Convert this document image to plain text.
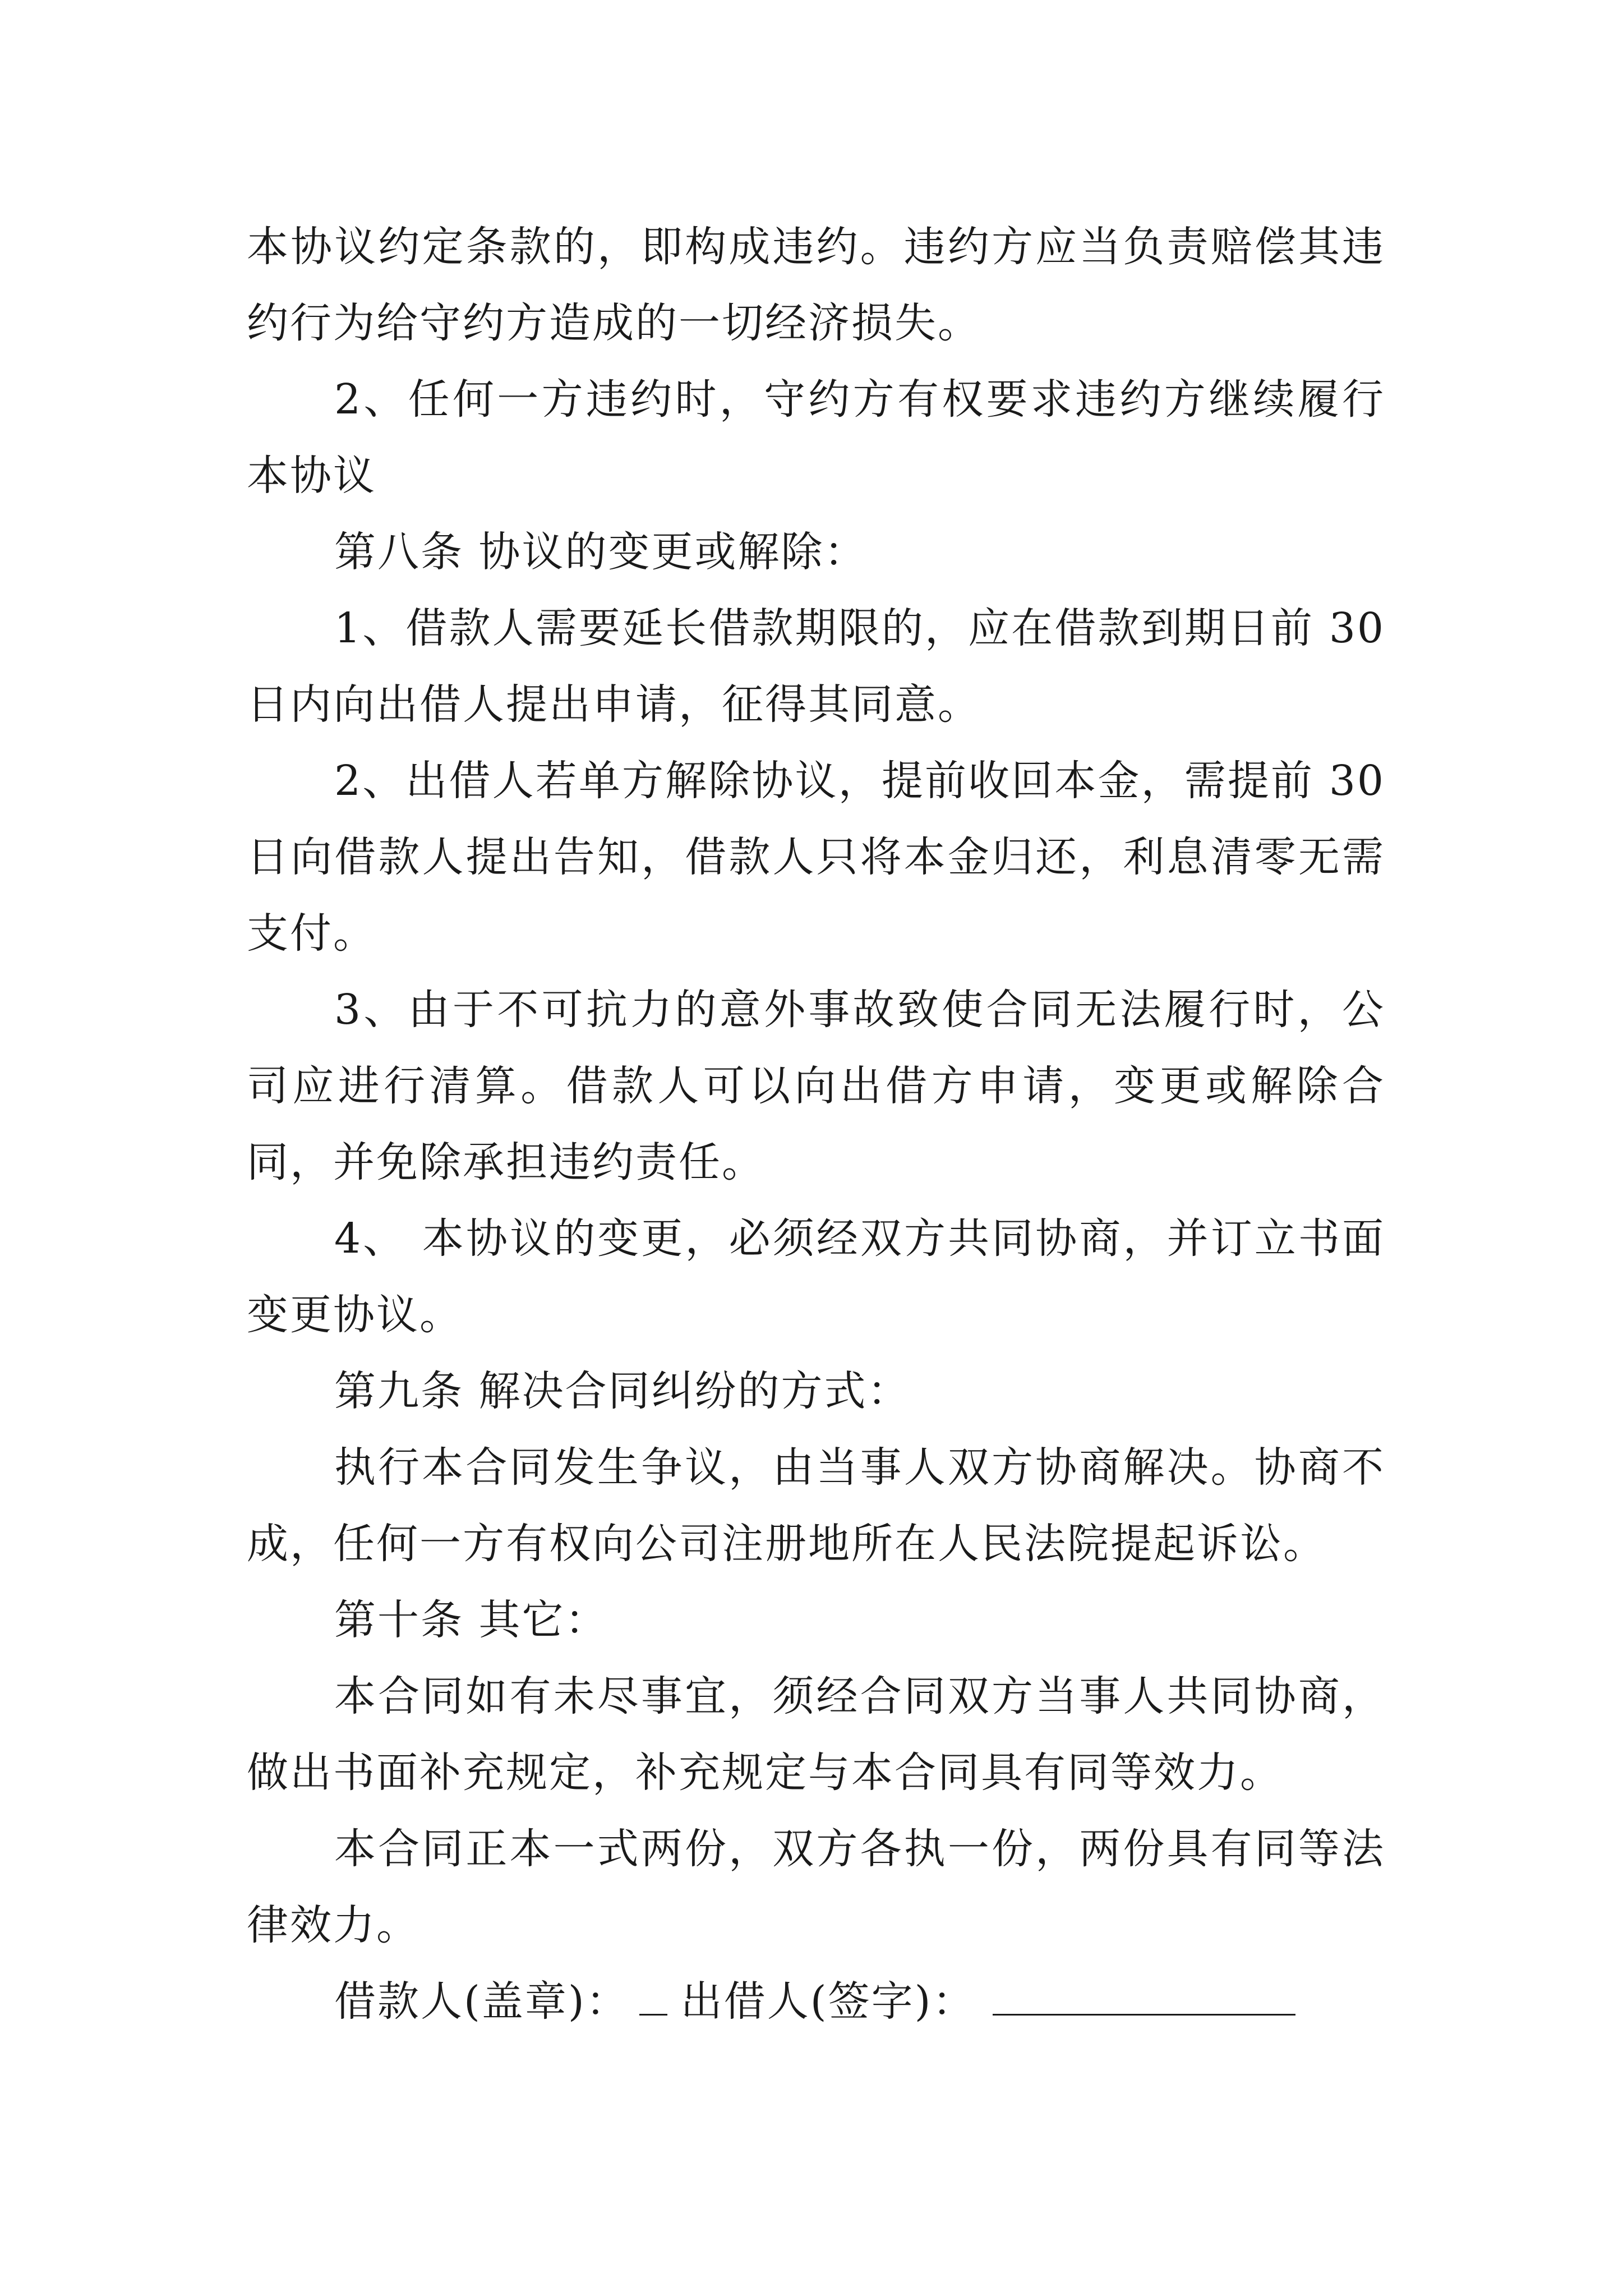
本协议约定条款的，即构成违约。违约方应当负责赔偿其违约行为给守约方造成的一切经济损失。

2、任何一方违约时，守约方有权要求违约方继续履行本协议

第八条 协议的变更或解除：

1、借款人需要延长借款期限的，应在借款到期日前 30 日内向出借人提出申请，征得其同意。

2、出借人若单方解除协议，提前收回本金，需提前 30 日向借款人提出告知，借款人只将本金归还，利息清零无需支付。

3、由于不可抗力的意外事故致使合同无法履行时，公司应进行清算。借款人可以向出借方申请，变更或解除合同，并免除承担违约责任。

4、 本协议的变更，必须经双方共同协商，并订立书面变更协议。

第九条 解决合同纠纷的方式：

执行本合同发生争议，由当事人双方协商解决。协商不成，任何一方有权向公司注册地所在人民法院提起诉讼。

第十条 其它：

本合同如有未尽事宜，须经合同双方当事人共同协商，做出书面补充规定，补充规定与本合同具有同等效力。

本合同正本一式两份，双方各执一份，两份具有同等法律效力。

借款人(盖章)： 出借人(签字)：
